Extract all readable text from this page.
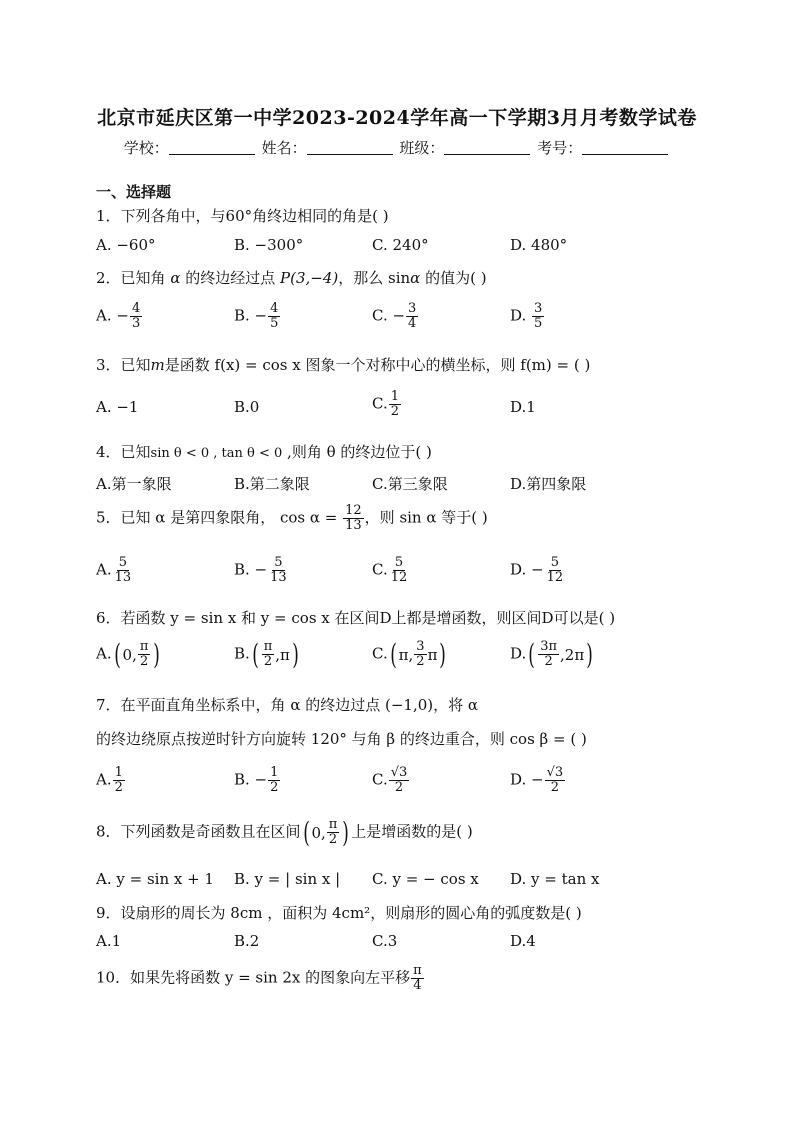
北京市延庆区第一中学2023-2024学年高一下学期3月月考数学试卷
学校：	姓名：	班级：	考号：
一、选择题
1．下列各角中，与60°角终边相同的角是( )
A. −60°	B. −300°	C. 240°	D. 480°
2．已知角 α 的终边经过点 P(3,−4)，那么 sinα 的值为( )
A. − $\frac{4}{3}$	B. − $\frac{4}{5}$	C. − $\frac{3}{4}$	D. $\frac{3}{5}$
3．已知m是函数 f(x) = cos x 图象一个对称中心的横坐标，则 f(m) = ( )
A. −1	B.0	C. $\frac{1}{2}$	D.1
4．已知sin θ < 0 , tan θ < 0 ,则角 θ 的终边位于( )
A.第一象限	B.第二象限	C.第三象限	D.第四象限
5．已知 α 是第四象限角， $\cos \alpha = \frac{12}{13}$ ，则 sin α 等于( )
A. $\frac{5}{13}$	B. − $\frac{5}{13}$	C. $\frac{5}{12}$	D. − $\frac{5}{12}$
6．若函数 y = sin x 和 y = cos x 在区间D上都是增函数，则区间D可以是( )
A. ( 0, $\frac{\pi}{2}$ )	B. ( $\frac{\pi}{2} ,\pi$ )	C. ( π, $\frac{3}{2}$ π )	D. ( $\frac{3\pi}{2} ,2\pi$ )
7．在平面直角坐标系中，角 α 的终边过点 (−1,0)，将 α
的终边绕原点按逆时针方向旋转 120° 与角 β 的终边重合，则 cos β = ( )
A. $\frac{1}{2}$	B. − $\frac{1}{2}$	C. $\frac{√3}{2}$	D. − $\frac{√3}{2}$
8．下列函数是奇函数且在区间 ( 0, $\frac{\pi}{2}$ ) 上是增函数的是( )
A. y = sin x + 1 B. y = | sin x | C. y = − cos x D. y = tan x
9．设扇形的周长为 8cm ，面积为 4cm²，则扇形的圆心角的弧度数是( )
A.1	B.2	C.3	D.4
10．如果先将函数 y = sin 2x 的图象向左平移 $\frac{\pi}{4}$
